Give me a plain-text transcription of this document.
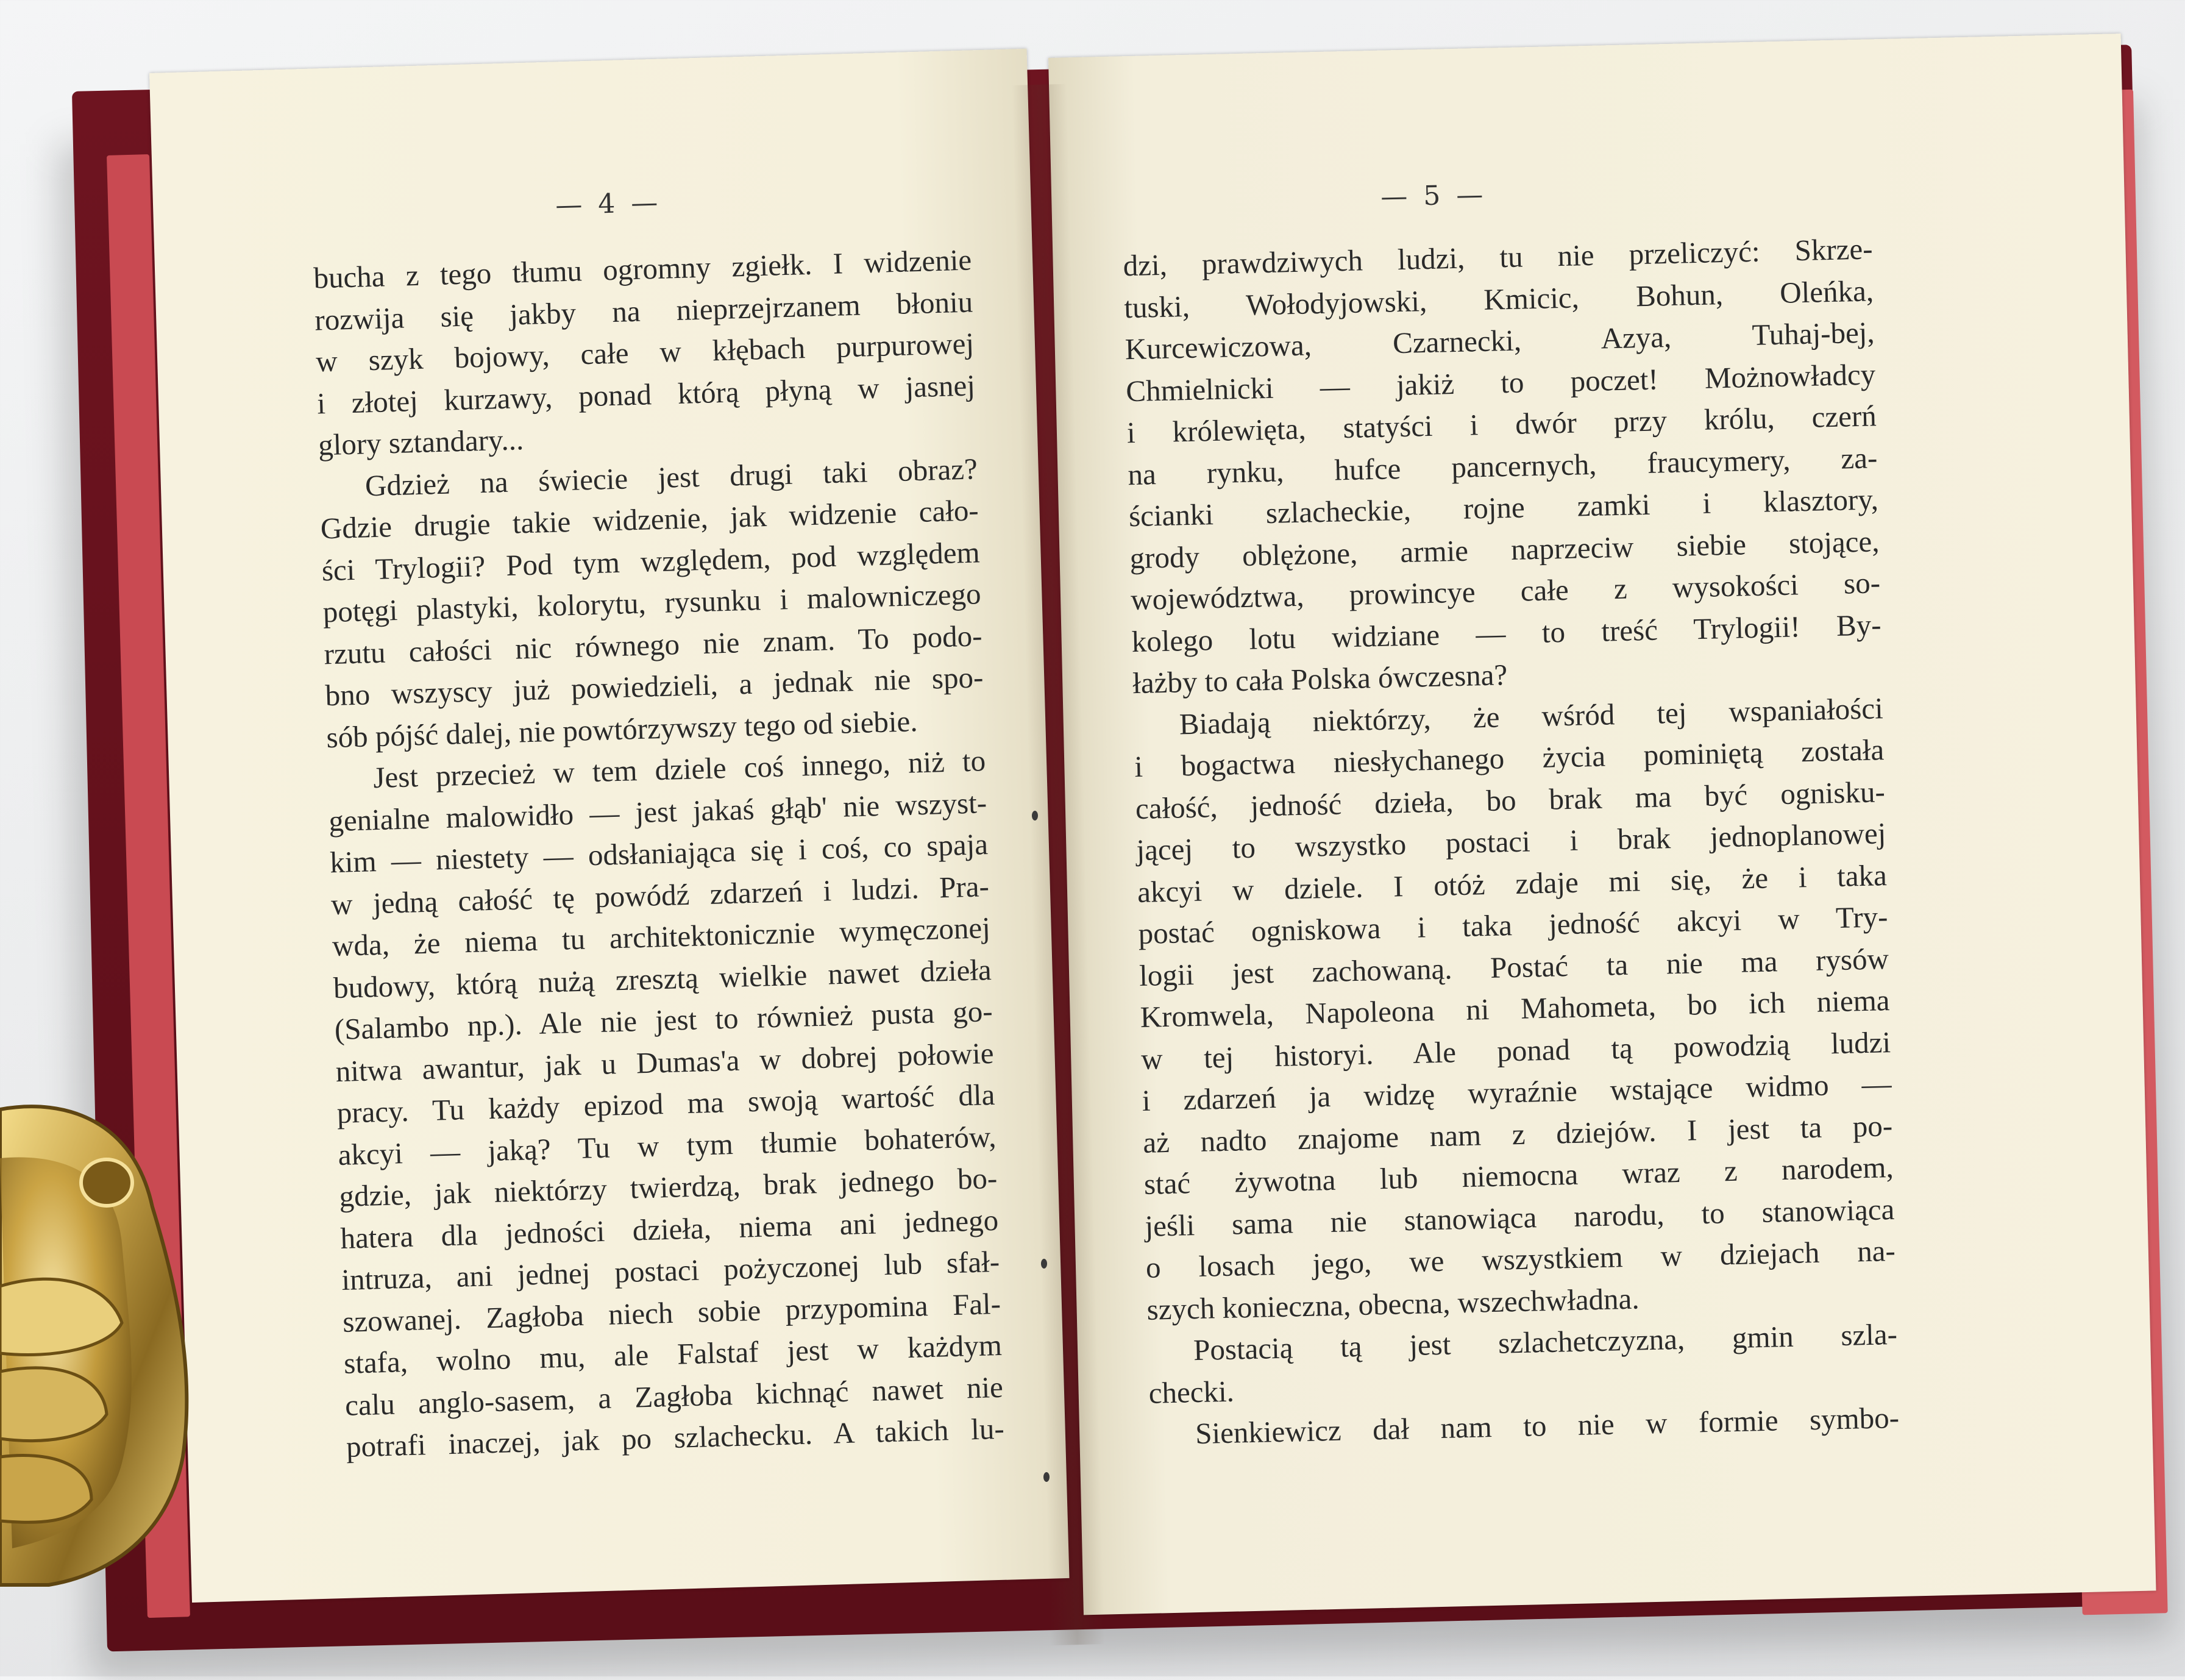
— 4 —
bucha z tego tłumu ogromny zgiełk. I widzenie
rozwija się jakby na nieprzejrzanem błoniu
w szyk bojowy, całe w kłębach purpurowej
i złotej kurzawy, ponad którą płyną w jasnej
glory sztandary...
Gdzież na świecie jest drugi taki obraz?
Gdzie drugie takie widzenie, jak widzenie cało-
ści Trylogii? Pod tym względem, pod względem
potęgi plastyki, kolorytu, rysunku i malowniczego
rzutu całości nic równego nie znam. To podo-
bno wszyscy już powiedzieli, a jednak nie spo-
sób pójść dalej, nie powtórzywszy tego od siebie.
Jest przecież w tem dziele coś innego, niż to
genialne malowidło — jest jakaś głąb' nie wszyst-
kim — niestety — odsłaniająca się i coś, co spaja
w jedną całość tę powódź zdarzeń i ludzi. Pra-
wda, że niema tu architektonicznie wymęczonej
budowy, którą nużą zresztą wielkie nawet dzieła
(Salambo np.). Ale nie jest to również pusta go-
nitwa awantur, jak u Dumas'a w dobrej połowie
pracy. Tu każdy epizod ma swoją wartość dla
akcyi — jaką? Tu w tym tłumie bohaterów,
gdzie, jak niektórzy twierdzą, brak jednego bo-
hatera dla jedności dzieła, niema ani jednego
intruza, ani jednej postaci pożyczonej lub sfał-
szowanej. Zagłoba niech sobie przypomina Fal-
stafa, wolno mu, ale Falstaf jest w każdym
calu anglo-sasem, a Zagłoba kichnąć nawet nie
potrafi inaczej, jak po szlachecku. A takich lu-
— 5 —
dzi, prawdziwych ludzi, tu nie przeliczyć: Skrze-
tuski, Wołodyjowski, Kmicic, Bohun, Oleńka,
Kurcewiczowa, Czarnecki, Azya, Tuhaj-bej,
Chmielnicki — jakiż to poczet! Możnowładcy
i królewięta, statyści i dwór przy królu, czerń
na rynku, hufce pancernych, fraucymery, za-
ścianki szlacheckie, rojne zamki i klasztory,
grody oblężone, armie naprzeciw siebie stojące,
województwa, prowincye całe z wysokości so-
kolego lotu widziane — to treść Trylogii! By-
łażby to cała Polska ówczesna?
Biadają niektórzy, że wśród tej wspaniałości
i bogactwa niesłychanego życia pominiętą została
całość, jedność dzieła, bo brak ma być ognisku-
jącej to wszystko postaci i brak jednoplanowej
akcyi w dziele. I otóż zdaje mi się, że i taka
postać ogniskowa i taka jedność akcyi w Try-
logii jest zachowaną. Postać ta nie ma rysów
Kromwela, Napoleona ni Mahometa, bo ich niema
w tej historyi. Ale ponad tą powodzią ludzi
i zdarzeń ja widzę wyraźnie wstające widmo —
aż nadto znajome nam z dziejów. I jest ta po-
stać żywotna lub niemocna wraz z narodem,
jeśli sama nie stanowiąca narodu, to stanowiąca
o losach jego, we wszystkiem w dziejach na-
szych konieczna, obecna, wszechwładna.
Postacią tą jest szlachetczyzna, gmin szla-
checki.
Sienkiewicz dał nam to nie w formie symbo-
